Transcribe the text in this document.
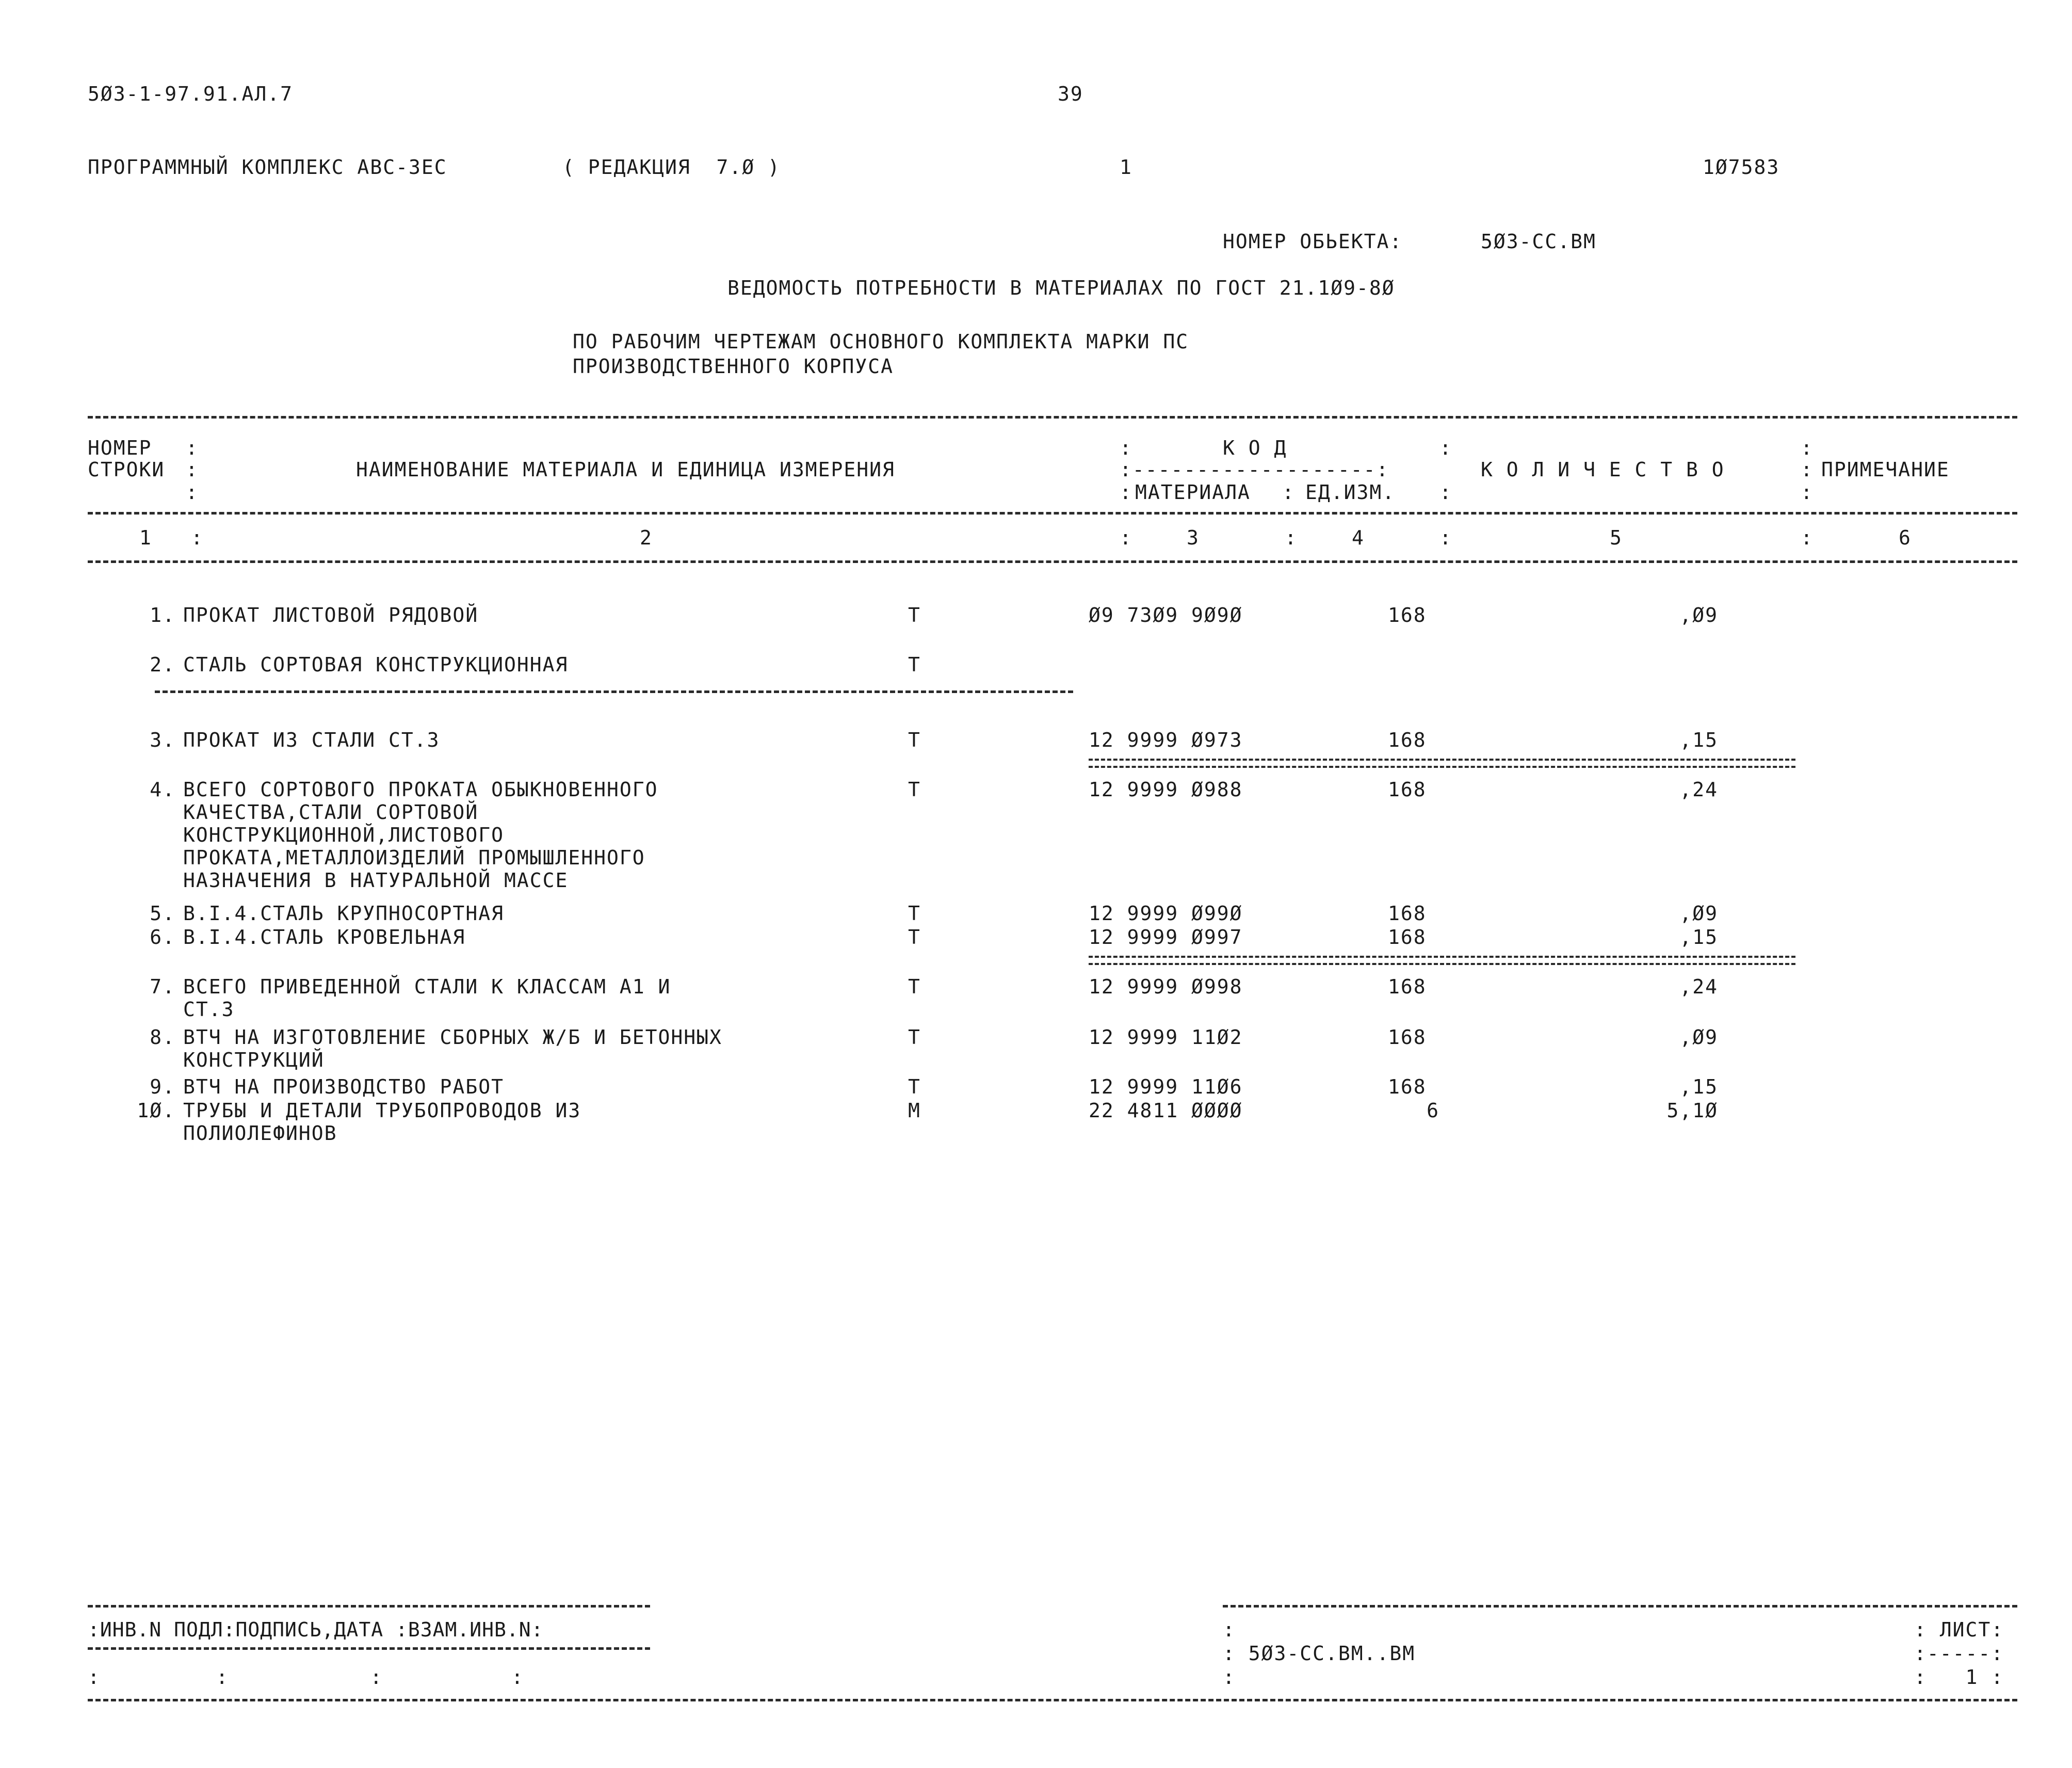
5Ø3-1-97.91.АЛ.7	39
ПРОГРАММНЫЙ КОМПЛЕКС АВС-3ЕС	( РЕДАКЦИЯ  7.Ø )	1	1Ø7583
НОМЕР ОБЬЕКТА:	5Ø3-СС.ВМ
ВЕДОМОСТЬ ПОТРЕБНОСТИ В МАТЕРИАЛАХ ПО ГОСТ 21.1Ø9-8Ø
ПО РАБОЧИМ ЧЕРТЕЖАМ ОСНОВНОГО КОМПЛЕКТА МАРКИ ПС
ПРОИЗВОДСТВЕННОГО КОРПУСА
НОМЕР :
СТРОКИ :
:
НАИМЕНОВАНИЕ МАТЕРИАЛА И ЕДИНИЦА ИЗМЕРЕНИЯ
:	К О Д	:
:-------------------:
: МАТЕРИАЛА : ЕД.ИЗМ. :
К О Л И Ч Е С Т В О
:
:
:
ПРИМЕЧАНИЕ
1 :	2	:	3	:	4	:	5	:	6
1. ПРОКАТ ЛИСТОВОЙ РЯДОВОЙ	Т	Ø9 73Ø9 9Ø9Ø	168	,Ø9
2. СТАЛЬ СОРТОВАЯ КОНСТРУКЦИОННАЯ	Т
3. ПРОКАТ ИЗ СТАЛИ СТ.3	Т	12 9999 Ø973	168	,15
4. ВСЕГО СОРТОВОГО ПРОКАТА ОБЫКНОВЕННОГО
КАЧЕСТВА,СТАЛИ СОРТОВОЙ
КОНСТРУКЦИОННОЙ,ЛИСТОВОГО
ПРОКАТА,МЕТАЛЛОИЗДЕЛИЙ ПРОМЫШЛЕННОГО
НАЗНАЧЕНИЯ В НАТУРАЛЬНОЙ МАССЕ
Т	12 9999 Ø988	168	,24
5. В.I.4.СТАЛЬ КРУПНОСОРТНАЯ	Т	12 9999 Ø99Ø	168	,Ø9
6. В.I.4.СТАЛЬ КРОВЕЛЬНАЯ	Т	12 9999 Ø997	168	,15
7. ВСЕГО ПРИВЕДЕННОЙ СТАЛИ К КЛАССАМ А1 И
СТ.3
Т	12 9999 Ø998	168	,24
8. ВТЧ НА ИЗГОТОВЛЕНИЕ СБОРНЫХ Ж/Б И БЕТОННЫХ
КОНСТРУКЦИЙ
Т	12 9999 11Ø2	168	,Ø9
9. ВТЧ НА ПРОИЗВОДСТВО РАБОТ	Т	12 9999 11Ø6	168	,15
1Ø. ТРУБЫ И ДЕТАЛИ ТРУБОПРОВОДОВ ИЗ
ПОЛИОЛЕФИНОВ
М	22 4811 ØØØØ	6	5,1Ø
:ИНВ.N ПОДЛ:ПОДПИСЬ,ДАТА :ВЗАМ.ИНВ.N:
:         :           :          :
:
: 5Ø3-СС.ВМ..ВМ
:
: ЛИСТ:
:-----:
:   1 :
